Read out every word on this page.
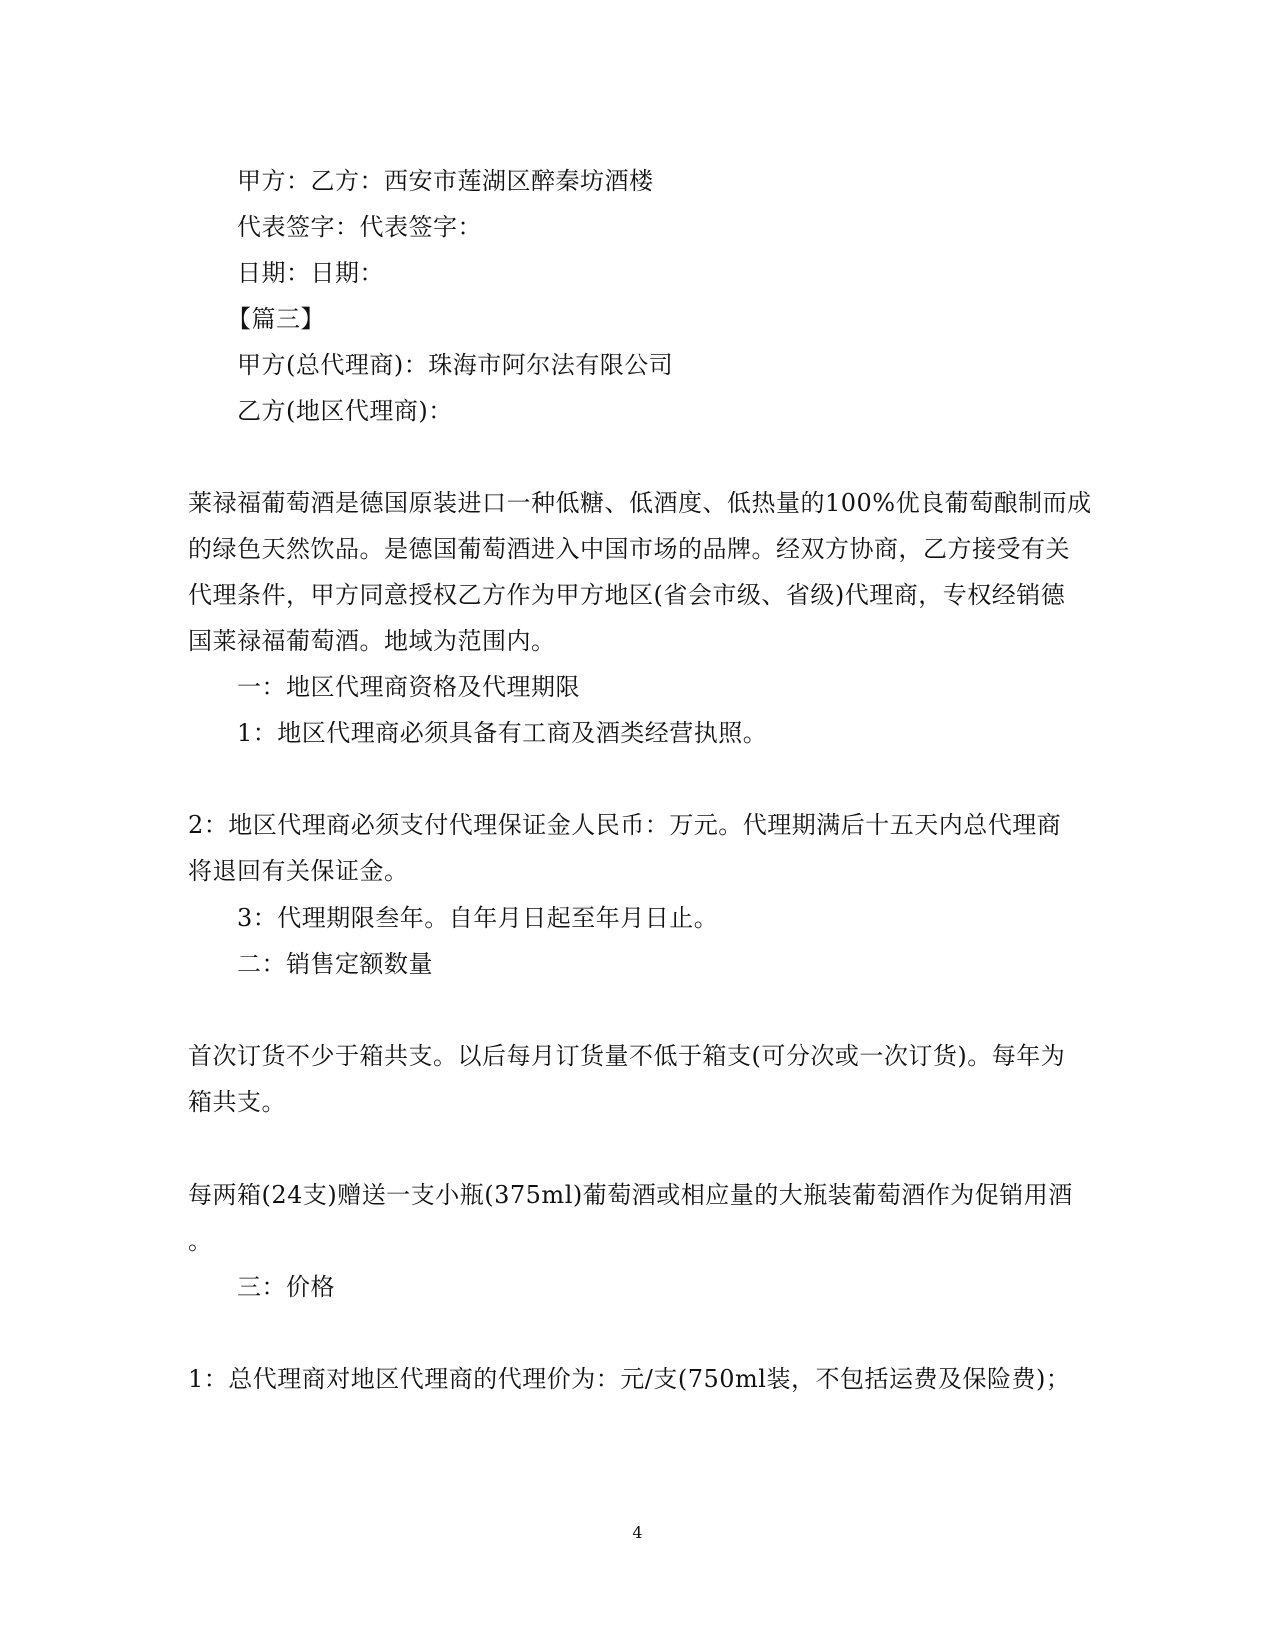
甲方：乙方：西安市莲湖区醉秦坊酒楼
代表签字：代表签字：
日期：日期：
【篇三】
甲方(总代理商)：珠海市阿尔法有限公司
乙方(地区代理商)：
莱禄福葡萄酒是德国原装进口一种低糖、低酒度、低热量的100%优良葡萄酿制而成
的绿色天然饮品。是德国葡萄酒进入中国市场的品牌。经双方协商，乙方接受有关
代理条件，甲方同意授权乙方作为甲方地区(省会市级、省级)代理商，专权经销德
国莱禄福葡萄酒。地域为范围内。
一：地区代理商资格及代理期限
1：地区代理商必须具备有工商及酒类经营执照。
2：地区代理商必须支付代理保证金人民币：万元。代理期满后十五天内总代理商
将退回有关保证金。
3：代理期限叁年。自年月日起至年月日止。
二：销售定额数量
首次订货不少于箱共支。以后每月订货量不低于箱支(可分次或一次订货)。每年为
箱共支。
每两箱(24支)赠送一支小瓶(375ml)葡萄酒或相应量的大瓶装葡萄酒作为促销用酒
。
三：价格
1：总代理商对地区代理商的代理价为：元/支(750ml装，不包括运费及保险费)；
4
